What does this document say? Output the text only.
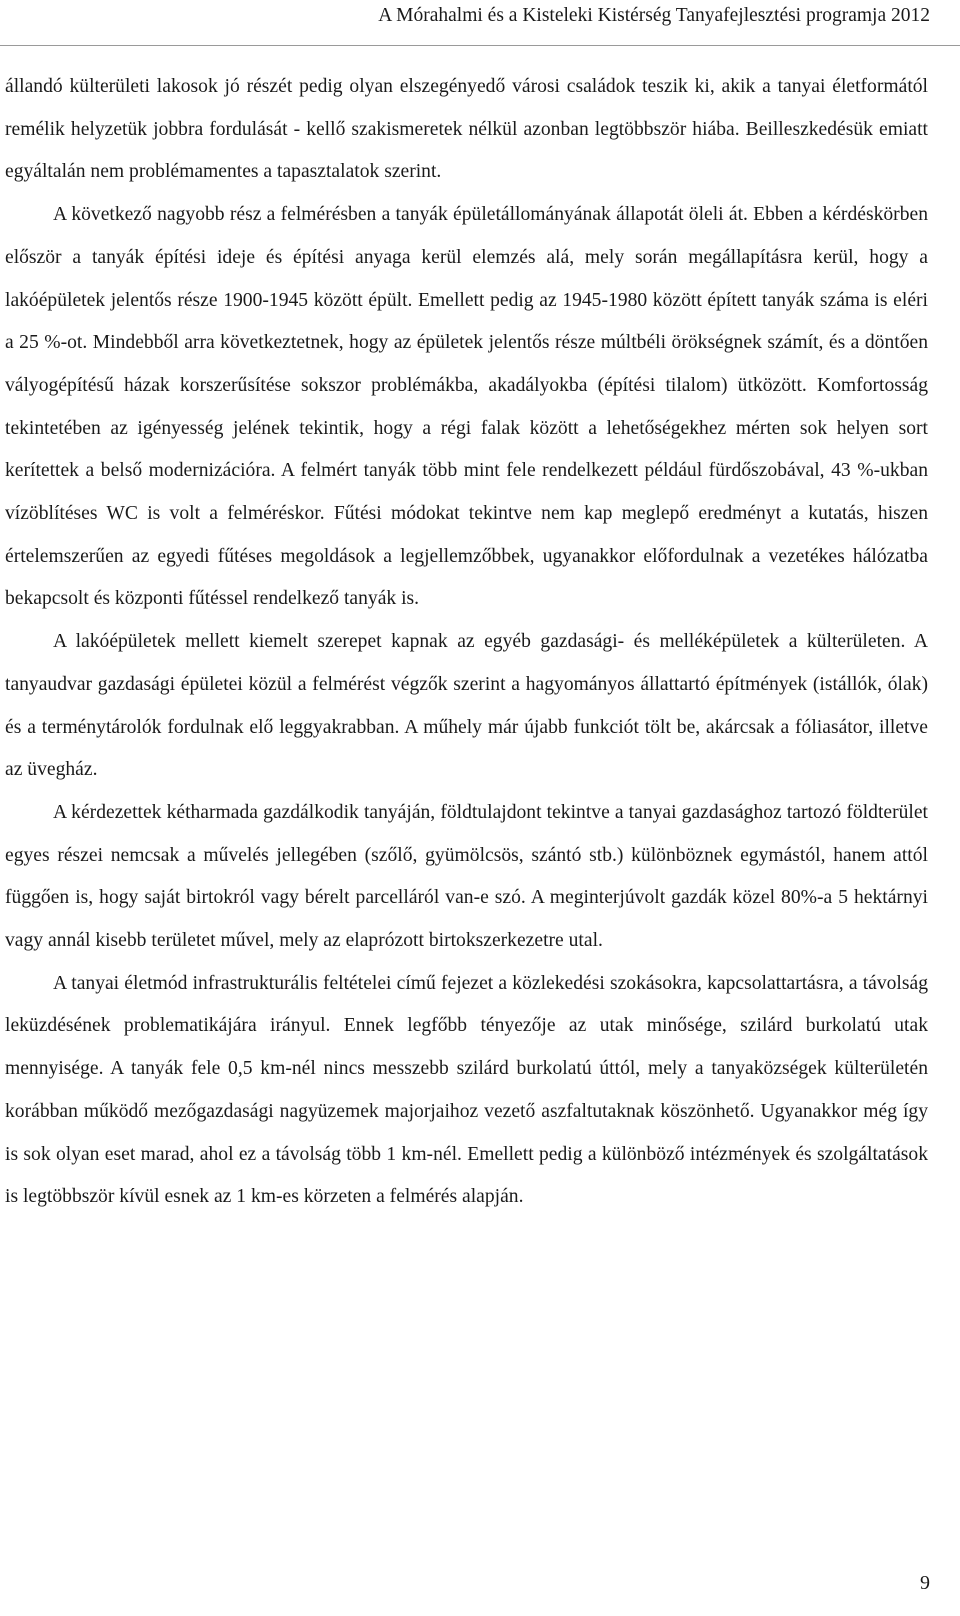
A Mórahalmi és a Kisteleki Kistérség Tanyafejlesztési programja 2012

állandó külterületi lakosok jó részét pedig olyan elszegényedő városi családok teszik ki, akik a tanyai életformától remélik helyzetük jobbra fordulását - kellő szakismeretek nélkül azonban legtöbbször hiába. Beilleszkedésük emiatt egyáltalán nem problémamentes a tapasztalatok szerint.

A következő nagyobb rész a felmérésben a tanyák épületállományának állapotát öleli át. Ebben a kérdéskörben először a tanyák építési ideje és építési anyaga kerül elemzés alá, mely során megállapításra kerül, hogy a lakóépületek jelentős része 1900-1945 között épült. Emellett pedig az 1945-1980 között épített tanyák száma is eléri a 25 %-ot. Mindebből arra következtetnek, hogy az épületek jelentős része múltbéli örökségnek számít, és a döntően vályogépítésű házak korszerűsítése sokszor problémákba, akadályokba (építési tilalom) ütközött. Komfortosság tekintetében az igényesség jelének tekintik, hogy a régi falak között a lehetőségekhez mérten sok helyen sort kerítettek a belső modernizációra. A felmért tanyák több mint fele rendelkezett például fürdőszobával, 43 %-ukban vízöblítéses WC is volt a felméréskor. Fűtési módokat tekintve nem kap meglepő eredményt a kutatás, hiszen értelemszerűen az egyedi fűtéses megoldások a legjellemzőbbek, ugyanakkor előfordulnak a vezetékes hálózatba bekapcsolt és központi fűtéssel rendelkező tanyák is.

A lakóépületek mellett kiemelt szerepet kapnak az egyéb gazdasági- és melléképületek a külterületen. A tanyaudvar gazdasági épületei közül a felmérést végzők szerint a hagyományos állattartó építmények (istállók, ólak) és a terménytárolók fordulnak elő leggyakrabban. A műhely már újabb funkciót tölt be, akárcsak a fóliasátor, illetve az üvegház.

A kérdezettek kétharmada gazdálkodik tanyáján, földtulajdont tekintve a tanyai gazdasághoz tartozó földterület egyes részei nemcsak a művelés jellegében (szőlő, gyümölcsös, szántó stb.) különböznek egymástól, hanem attól függően is, hogy saját birtokról vagy bérelt parcelláról van-e szó. A meginterjúvolt gazdák közel 80%-a 5 hektárnyi vagy annál kisebb területet művel, mely az elaprózott birtokszerkezetre utal.

A tanyai életmód infrastrukturális feltételei című fejezet a közlekedési szokásokra, kapcsolattartásra, a távolság leküzdésének problematikájára irányul. Ennek legfőbb tényezője az utak minősége, szilárd burkolatú utak mennyisége. A tanyák fele 0,5 km-nél nincs messzebb szilárd burkolatú úttól, mely a tanyaközségek külterületén korábban működő mezőgazdasági nagyüzemek majorjaihoz vezető aszfaltutaknak köszönhető. Ugyanakkor még így is sok olyan eset marad, ahol ez a távolság több 1 km-nél. Emellett pedig a különböző intézmények és szolgáltatások is legtöbbször kívül esnek az 1 km-es körzeten a felmérés alapján.

9
